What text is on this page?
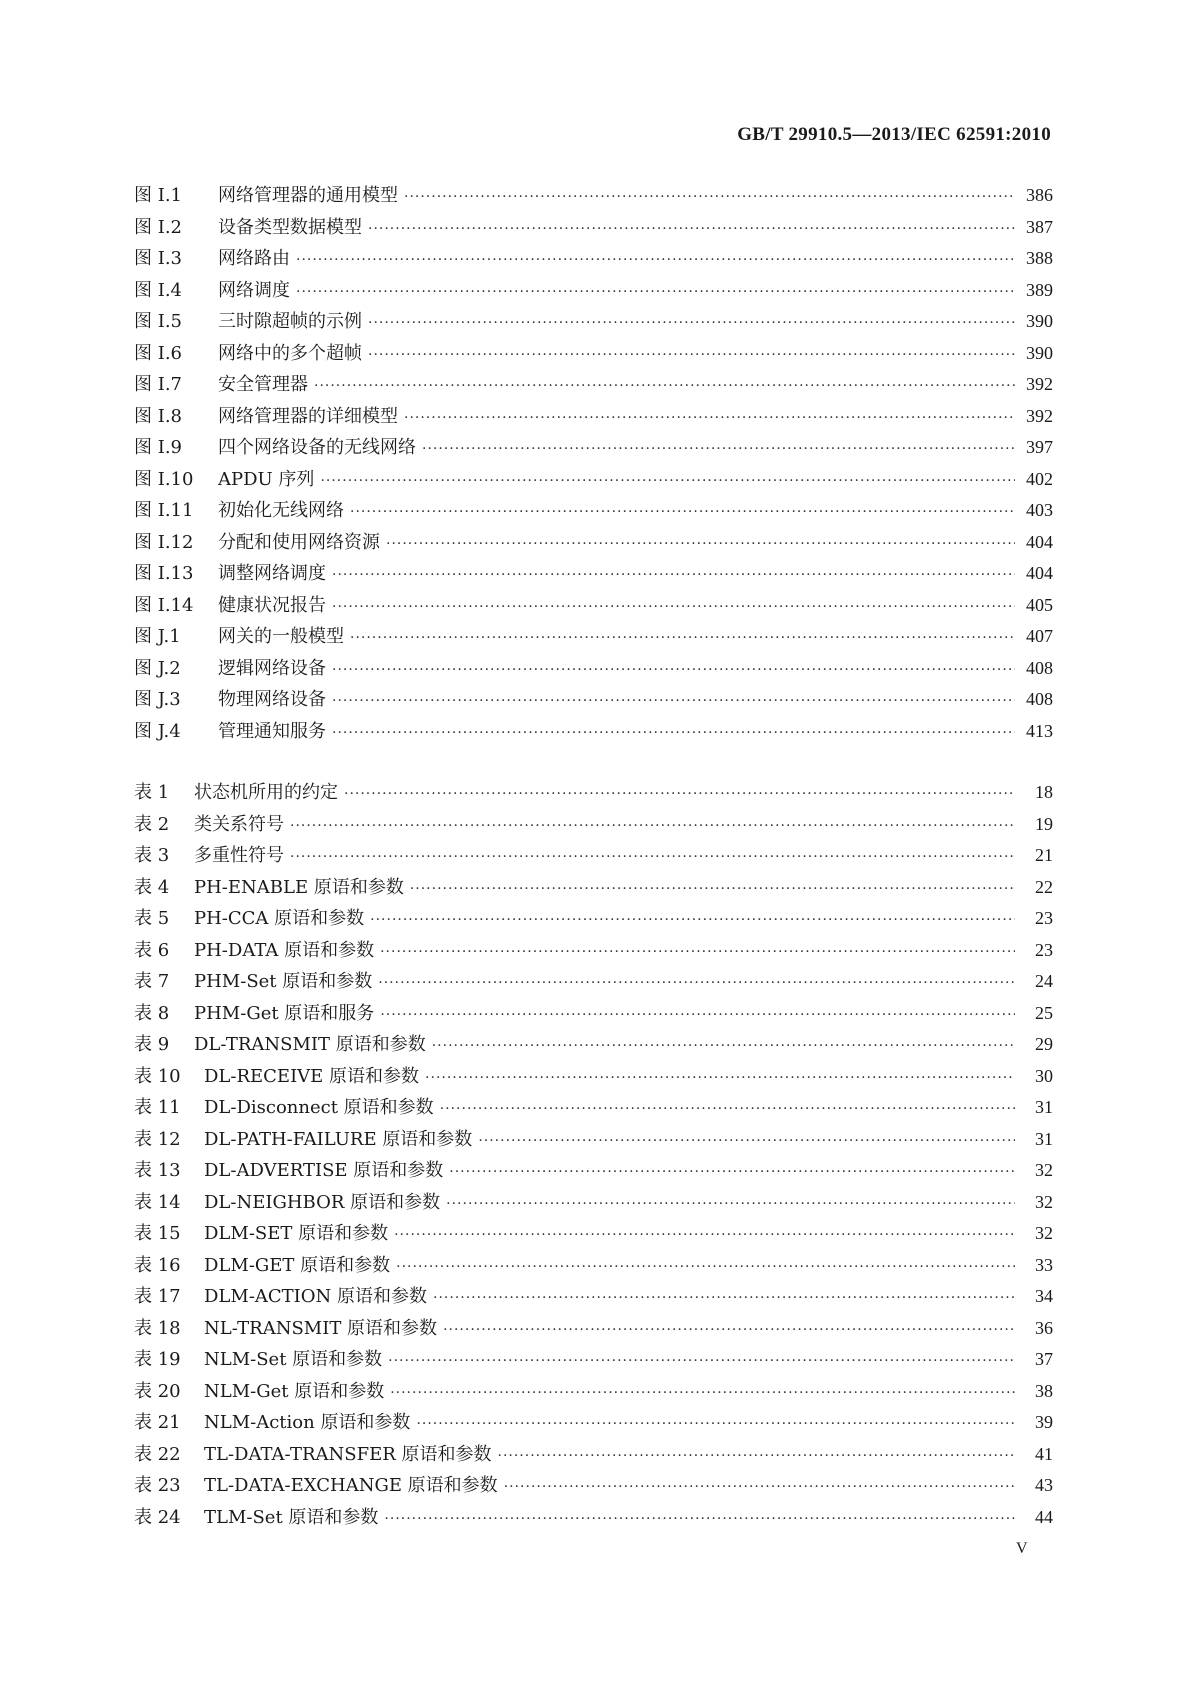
GB/T 29910.5—2013/IEC 62591:2010
图 I.1	网络管理器的通用模型 ·····	386
图 I.2	设备类型数据模型 ·····	387
图 I.3	网络路由 ·····	388
图 I.4	网络调度 ·····	389
图 I.5	三时隙超帧的示例 ·····	390
图 I.6	网络中的多个超帧 ·····	390
图 I.7	安全管理器 ·····	392
图 I.8	网络管理器的详细模型 ·····	392
图 I.9	四个网络设备的无线网络 ·····	397
图 I.10	APDU 序列 ·····	402
图 I.11	初始化无线网络 ·····	403
图 I.12	分配和使用网络资源 ·····	404
图 I.13	调整网络调度 ·····	404
图 I.14	健康状况报告 ·····	405
图 J.1	网关的一般模型 ·····	407
图 J.2	逻辑网络设备 ·····	408
图 J.3	物理网络设备 ·····	408
图 J.4	管理通知服务 ·····	413
表 1	状态机所用的约定 ·····	18
表 2	类关系符号 ·····	19
表 3	多重性符号 ·····	21
表 4	PH-ENABLE 原语和参数 ·····	22
表 5	PH-CCA 原语和参数 ·····	23
表 6	PH-DATA 原语和参数 ·····	23
表 7	PHM-Set 原语和参数 ·····	24
表 8	PHM-Get 原语和服务 ·····	25
表 9	DL-TRANSMIT 原语和参数 ·····	29
表 10	DL-RECEIVE 原语和参数 ·····	30
表 11	DL-Disconnect 原语和参数 ·····	31
表 12	DL-PATH-FAILURE 原语和参数 ·····	31
表 13	DL-ADVERTISE 原语和参数 ·····	32
表 14	DL-NEIGHBOR 原语和参数 ·····	32
表 15	DLM-SET 原语和参数 ·····	32
表 16	DLM-GET 原语和参数 ·····	33
表 17	DLM-ACTION 原语和参数 ·····	34
表 18	NL-TRANSMIT 原语和参数 ·····	36
表 19	NLM-Set 原语和参数 ·····	37
表 20	NLM-Get 原语和参数 ·····	38
表 21	NLM-Action 原语和参数 ·····	39
表 22	TL-DATA-TRANSFER 原语和参数 ·····	41
表 23	TL-DATA-EXCHANGE 原语和参数 ·····	43
表 24	TLM-Set 原语和参数 ·····	44
V
